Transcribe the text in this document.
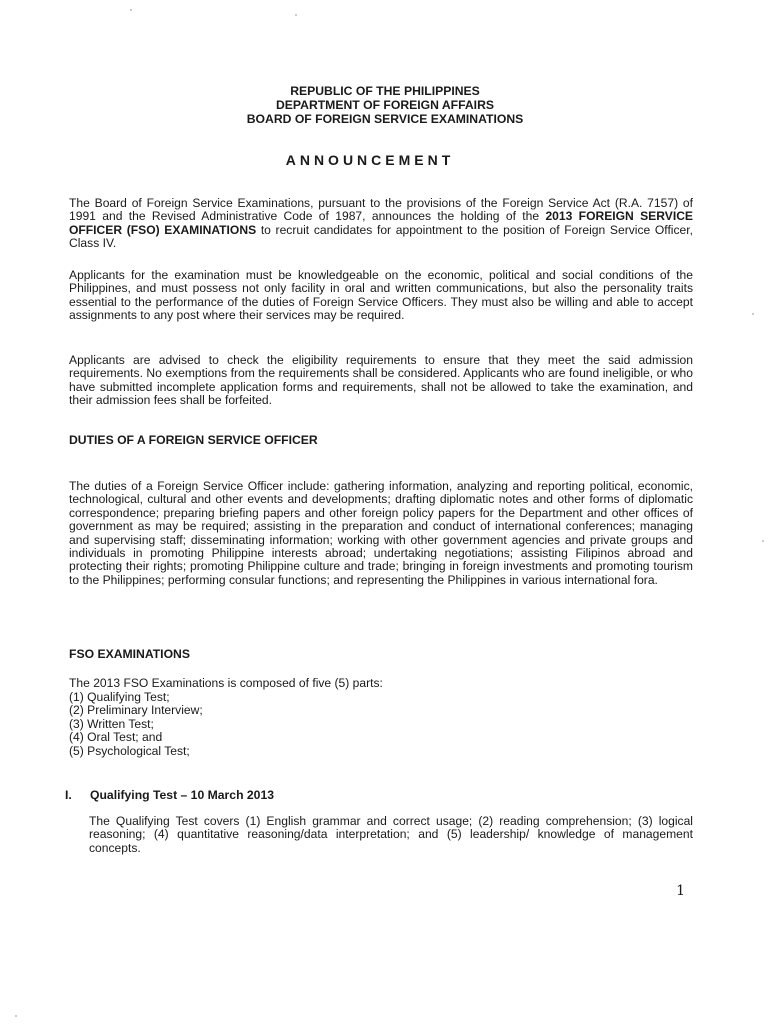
REPUBLIC OF THE PHILIPPINES
DEPARTMENT OF FOREIGN AFFAIRS
BOARD OF FOREIGN SERVICE EXAMINATIONS
ANNOUNCEMENT

The Board of Foreign Service Examinations, pursuant to the provisions of the Foreign Service Act (R.A. 7157) of 1991 and the Revised Administrative Code of 1987, announces the holding of the 2013 FOREIGN SERVICE OFFICER (FSO) EXAMINATIONS to recruit candidates for appointment to the position of Foreign Service Officer, Class IV.

Applicants for the examination must be knowledgeable on the economic, political and social conditions of the Philippines, and must possess not only facility in oral and written communications, but also the personality traits essential to the performance of the duties of Foreign Service Officers. They must also be willing and able to accept assignments to any post where their services may be required.

Applicants are advised to check the eligibility requirements to ensure that they meet the said admission requirements. No exemptions from the requirements shall be considered. Applicants who are found ineligible, or who have submitted incomplete application forms and requirements, shall not be allowed to take the examination, and their admission fees shall be forfeited.

DUTIES OF A FOREIGN SERVICE OFFICER

The duties of a Foreign Service Officer include: gathering information, analyzing and reporting political, economic, technological, cultural and other events and developments; drafting diplomatic notes and other forms of diplomatic correspondence; preparing briefing papers and other foreign policy papers for the Department and other offices of government as may be required; assisting in the preparation and conduct of international conferences; managing and supervising staff; disseminating information; working with other government agencies and private groups and individuals in promoting Philippine interests abroad; undertaking negotiations; assisting Filipinos abroad and protecting their rights; promoting Philippine culture and trade; bringing in foreign investments and promoting tourism to the Philippines; performing consular functions; and representing the Philippines in various international fora.

FSO EXAMINATIONS
The 2013 FSO Examinations is composed of five (5) parts:
(1) Qualifying Test;
(2) Preliminary Interview;
(3) Written Test;
(4) Oral Test; and
(5) Psychological Test;
I. Qualifying Test – 10 March 2013

The Qualifying Test covers (1) English grammar and correct usage; (2) reading comprehension; (3) logical reasoning; (4) quantitative reasoning/data interpretation; and (5) leadership/ knowledge of management concepts.

1
